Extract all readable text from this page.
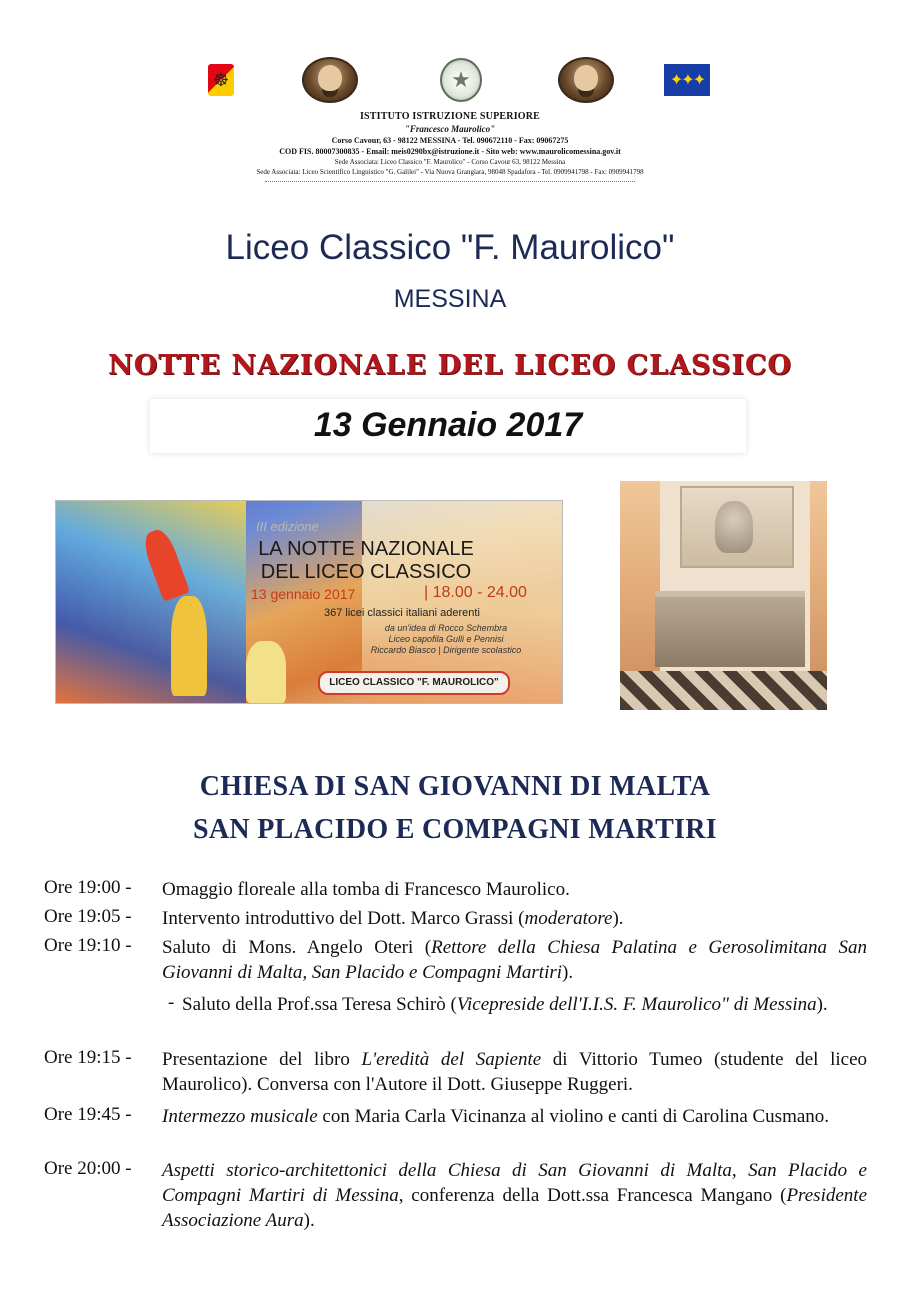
☸	★	✦✦✦
ISTITUTO ISTRUZIONE SUPERIORE
"Francesco Maurolico"
Corso Cavour, 63 - 98122 MESSINA - Tel. 090672110 - Fax: 09067275
COD FIS. 80007300835 - Email: meis0290bx@istruzione.it - Sito web: www.maurolicomessina.gov.it
Sede Associata: Liceo Classico "F. Maurolico" - Corso Cavour 63, 98122 Messina
Sede Associata: Liceo Scientifico Linguistico "G. Galilei" - Via Nuova Grangiara, 98048 Spadafora - Tel. 0909941798 - Fax: 0909941798
Liceo Classico "F. Maurolico"
MESSINA
NOTTE NAZIONALE DEL LICEO CLASSICO
13 Gennaio 2017
III edizione
LA NOTTE NAZIONALE
DEL LICEO CLASSICO
13 gennaio 2017	| 18.00 - 24.00
367 licei classici italiani aderenti
da un'idea di Rocco Schembra
Liceo capofila Gulli e Pennisi
Riccardo Biasco | Dirigente scolastico
LICEO CLASSICO "F. MAUROLICO"
CHIESA DI SAN GIOVANNI DI MALTA
SAN PLACIDO E COMPAGNI MARTIRI
Ore 19:00 - Omaggio floreale alla tomba di Francesco Maurolico.
Ore 19:05 - Intervento introduttivo del Dott. Marco Grassi (moderatore).
Ore 19:10 - Saluto di Mons. Angelo Oteri (Rettore della Chiesa Palatina e Gerosolimitana San Giovanni di Malta, San Placido e Compagni Martiri).
- Saluto della Prof.ssa Teresa Schirò (Vicepreside dell'I.I.S. F. Maurolico" di Messina).
Ore 19:15 - Presentazione del libro L'eredità del Sapiente di Vittorio Tumeo (studente del liceo Maurolico). Conversa con l'Autore il Dott. Giuseppe Ruggeri.
Ore 19:45 - Intermezzo musicale con Maria Carla Vicinanza al violino e canti di Carolina Cusmano.
Ore 20:00 - Aspetti storico-architettonici della Chiesa di San Giovanni di Malta, San Placido e Compagni Martiri di Messina, conferenza della Dott.ssa Francesca Mangano (Presidente Associazione Aura).
